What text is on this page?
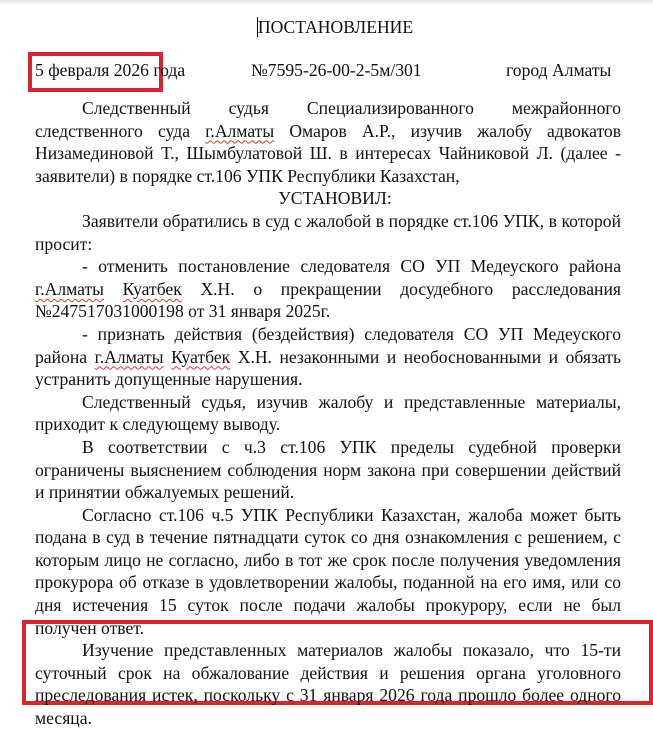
ПОСТАНОВЛЕНИЕ
5 февраля 2026 года	№7595-26-00-2-5м/301	город Алматы

Следственный судья Специализированного межрайонного следственного суда г.Алматы Омаров А.Р., изучив жалобу адвокатов Низамединовой Т., Шымбулатовой Ш. в интересах Чайниковой Л. (далее - заявители) в порядке ст.106 УПК Республики Казахстан,

УСТАНОВИЛ:

Заявители обратились в суд с жалобой в порядке ст.106 УПК, в которой просит:

- отменить постановление следователя СО УП Медеуского района г.Алматы Куатбек Х.Н. о прекращении досудебного расследования №247517031000198 от 31 января 2025г.

- признать действия (бездействия) следователя СО УП Медеуского района г.Алматы Куатбек Х.Н. незаконными и необоснованными и обязать устранить допущенные нарушения.

Следственный судья, изучив жалобу и представленные материалы, приходит к следующему выводу.

В соответствии с ч.3 ст.106 УПК пределы судебной проверки ограничены выяснением соблюдения норм закона при совершении действий и принятии обжалуемых решений.

Согласно ст.106 ч.5 УПК Республики Казахстан, жалоба может быть подана в суд в течение пятнадцати суток со дня ознакомления с решением, с которым лицо не согласно, либо в тот же срок после получения уведомления прокурора об отказе в удовлетворении жалобы, поданной на его имя, или со дня истечения 15 суток после подачи жалобы прокурору, если не был получен ответ.

Изучение представленных материалов жалобы показало, что 15-ти суточный срок на обжалование действия и решения органа уголовного преследования истек, поскольку с 31 января 2026 года прошло более одного месяца.
